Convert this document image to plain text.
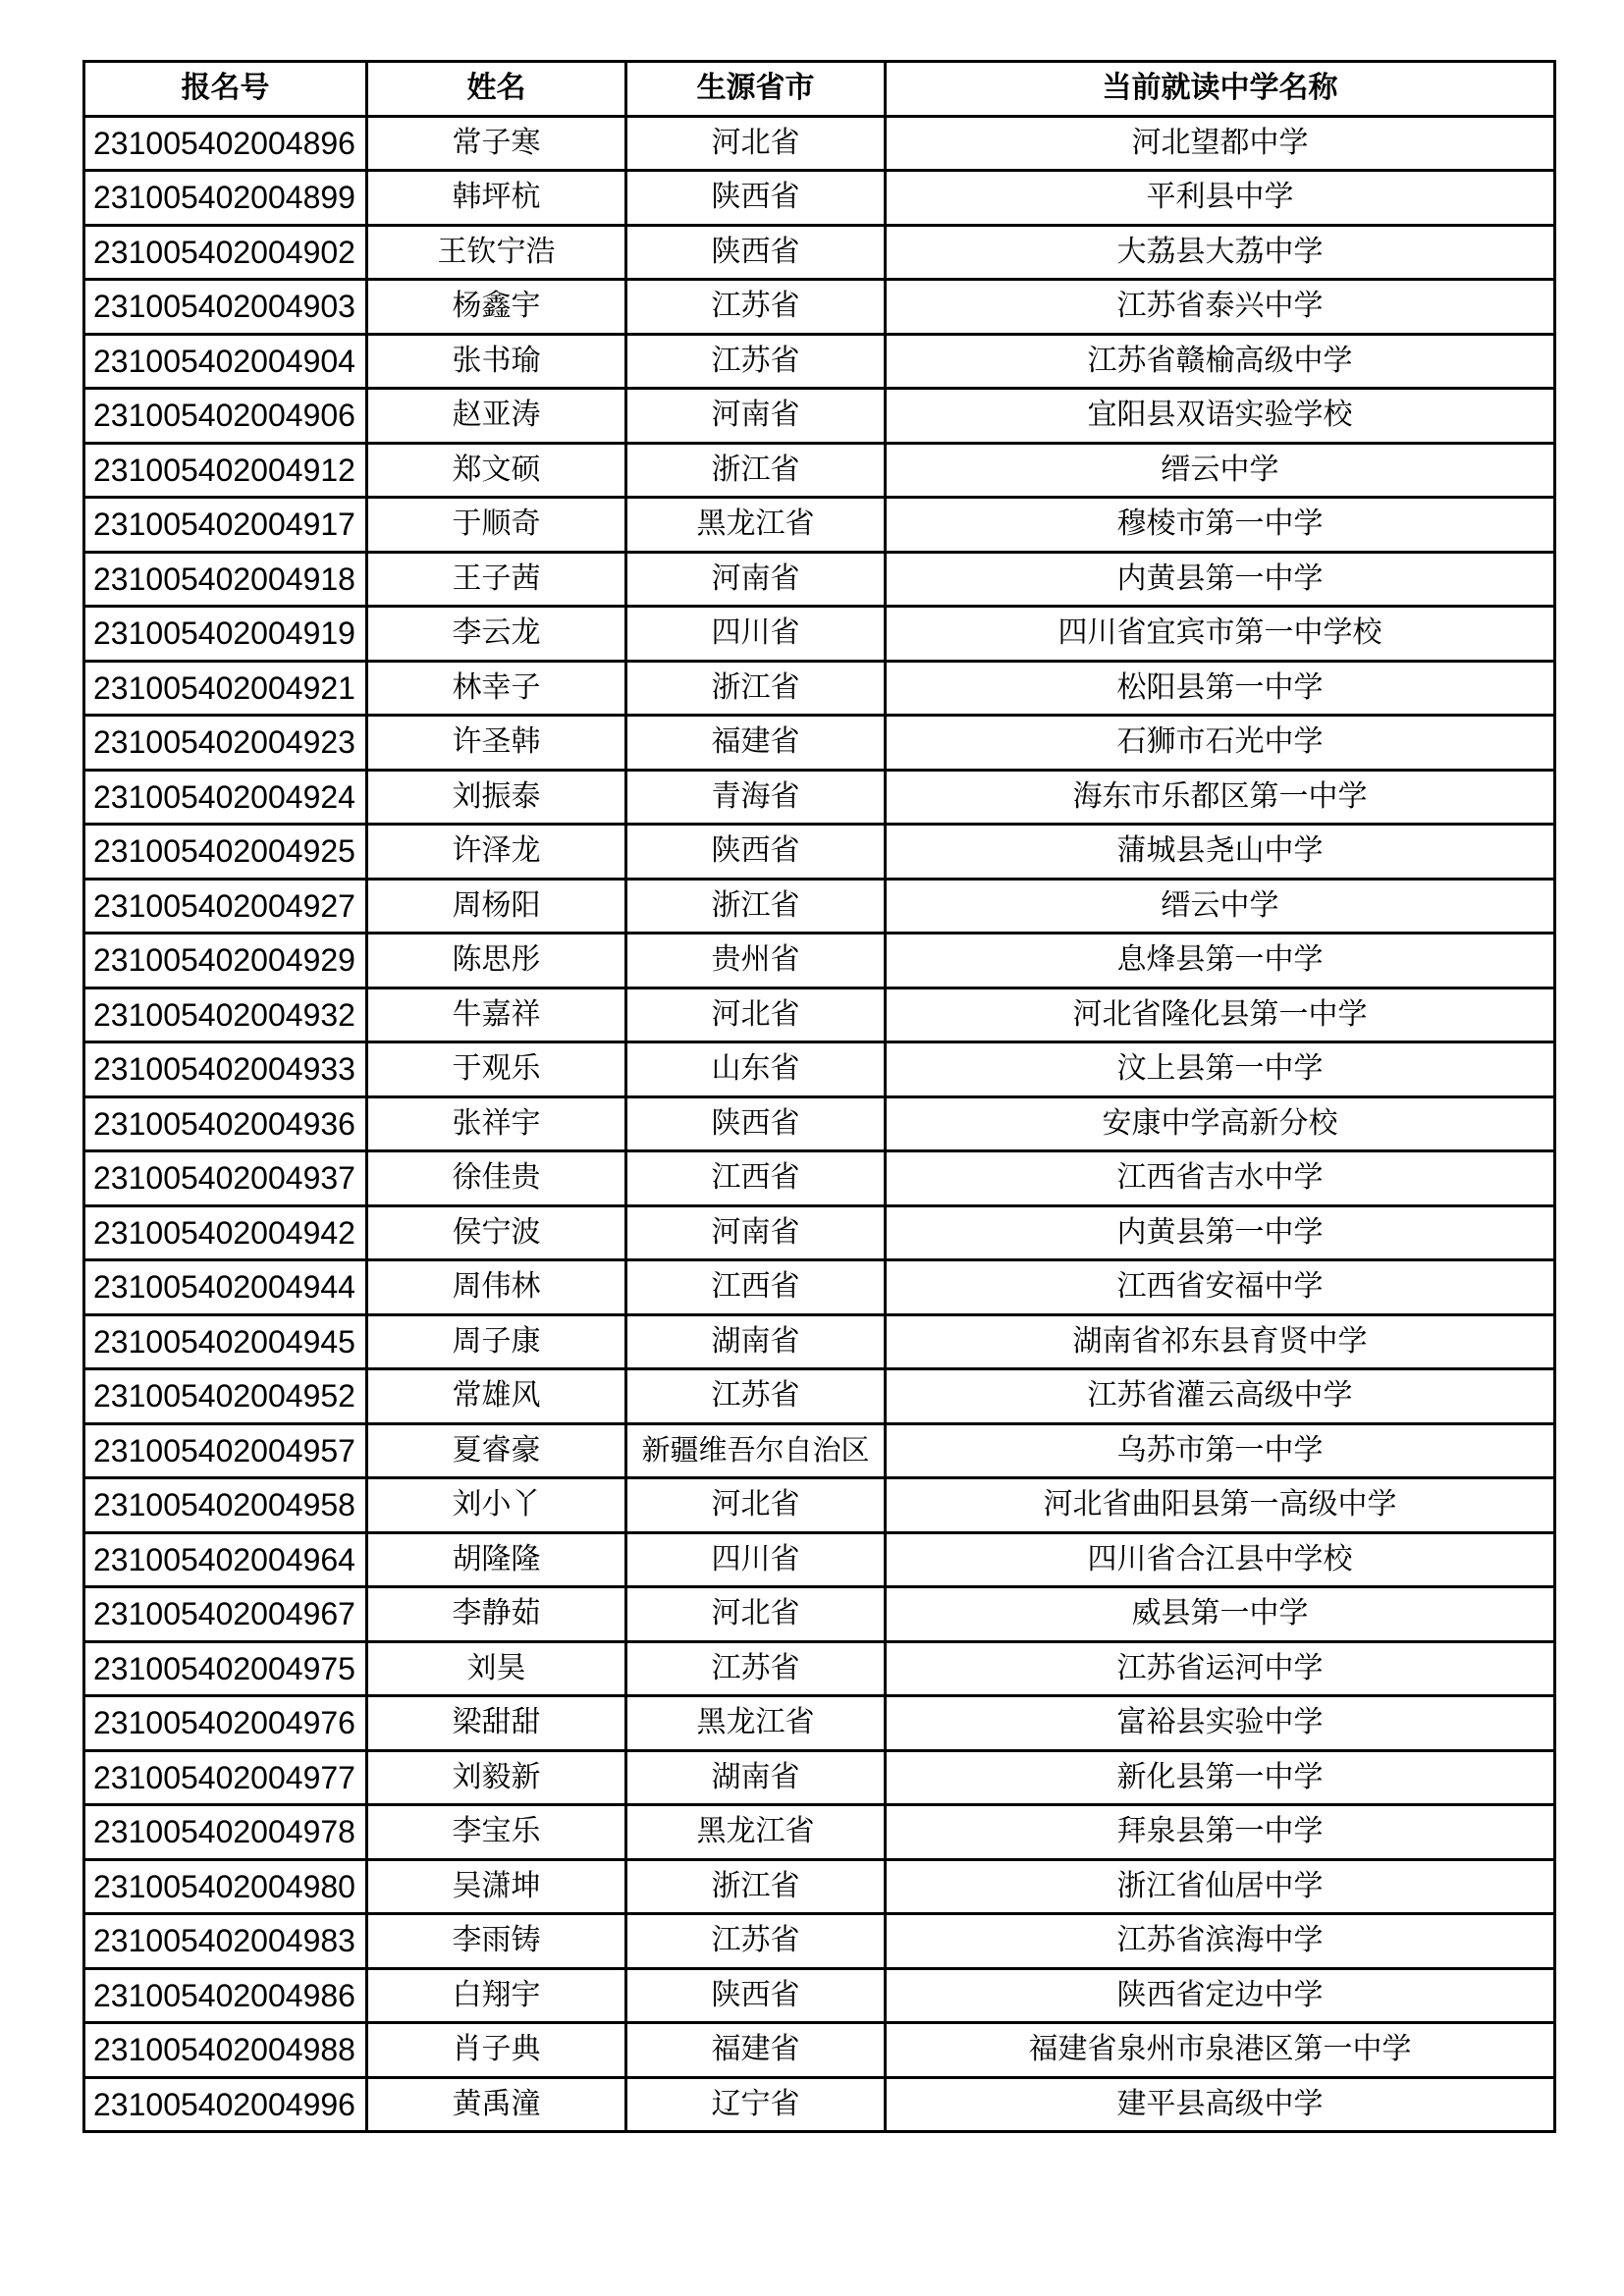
报名号	姓名	生源省市	当前就读中学名称
231005402004896	常子寒	河北省	河北望都中学
231005402004899	韩坪杭	陕西省	平利县中学
231005402004902	王钦宁浩	陕西省	大荔县大荔中学
231005402004903	杨鑫宇	江苏省	江苏省泰兴中学
231005402004904	张书瑜	江苏省	江苏省赣榆高级中学
231005402004906	赵亚涛	河南省	宜阳县双语实验学校
231005402004912	郑文硕	浙江省	缙云中学
231005402004917	于顺奇	黑龙江省	穆棱市第一中学
231005402004918	王子茜	河南省	内黄县第一中学
231005402004919	李云龙	四川省	四川省宜宾市第一中学校
231005402004921	林幸子	浙江省	松阳县第一中学
231005402004923	许圣韩	福建省	石狮市石光中学
231005402004924	刘振泰	青海省	海东市乐都区第一中学
231005402004925	许泽龙	陕西省	蒲城县尧山中学
231005402004927	周杨阳	浙江省	缙云中学
231005402004929	陈思彤	贵州省	息烽县第一中学
231005402004932	牛嘉祥	河北省	河北省隆化县第一中学
231005402004933	于观乐	山东省	汶上县第一中学
231005402004936	张祥宇	陕西省	安康中学高新分校
231005402004937	徐佳贵	江西省	江西省吉水中学
231005402004942	侯宁波	河南省	内黄县第一中学
231005402004944	周伟林	江西省	江西省安福中学
231005402004945	周子康	湖南省	湖南省祁东县育贤中学
231005402004952	常雄风	江苏省	江苏省灌云高级中学
231005402004957	夏睿豪	新疆维吾尔自治区	乌苏市第一中学
231005402004958	刘小丫	河北省	河北省曲阳县第一高级中学
231005402004964	胡隆隆	四川省	四川省合江县中学校
231005402004967	李静茹	河北省	威县第一中学
231005402004975	刘昊	江苏省	江苏省运河中学
231005402004976	梁甜甜	黑龙江省	富裕县实验中学
231005402004977	刘毅新	湖南省	新化县第一中学
231005402004978	李宝乐	黑龙江省	拜泉县第一中学
231005402004980	吴潇坤	浙江省	浙江省仙居中学
231005402004983	李雨铸	江苏省	江苏省滨海中学
231005402004986	白翔宇	陕西省	陕西省定边中学
231005402004988	肖子典	福建省	福建省泉州市泉港区第一中学
231005402004996	黄禹潼	辽宁省	建平县高级中学
